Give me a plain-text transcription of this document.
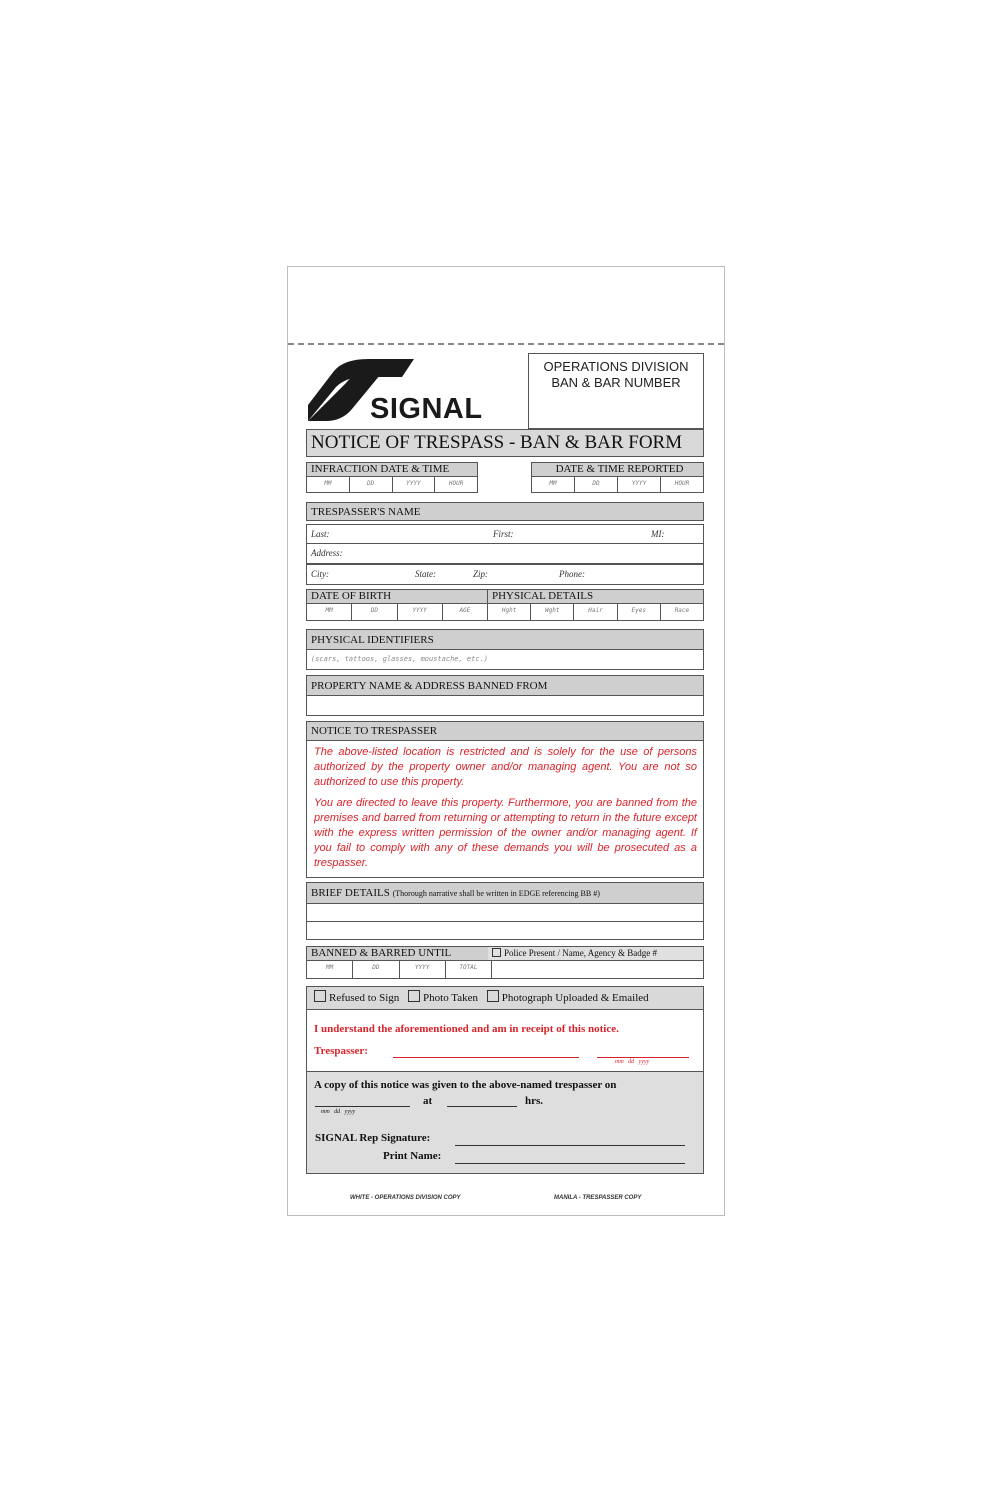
SIGNAL
OPERATIONS DIVISION
BAN & BAR NUMBER
NOTICE OF TRESPASS - BAN & BAR FORM
INFRACTION DATE & TIME
MM	DD	YYYY	HOUR
DATE & TIME REPORTED
MM	DD	YYYY	HOUR
TRESPASSER'S NAME
Last:	First:	MI:
Address:
City:	State:	Zip:	Phone:
DATE OF BIRTH
MM	DD	YYYY	AGE
PHYSICAL DETAILS
Hght	Wght	Hair	Eyes	Race
PHYSICAL IDENTIFIERS
(scars, tattoos, glasses, moustache, etc.)
PROPERTY NAME & ADDRESS BANNED FROM
NOTICE TO TRESPASSER
The above-listed location is restricted and is solely for the use of persons authorized by the property owner and/or managing agent. You are not so authorized to use this property.
You are directed to leave this property. Furthermore, you are banned from the premises and barred from returning or attempting to return in the future except with the express written permission of the owner and/or managing agent. If you fail to comply with any of these demands you will be prosecuted as a trespasser.
BRIEF DETAILS (Thorough narrative shall be written in EDGE referencing BB #)
BANNED & BARRED UNTIL
MM	DD	YYYY	TOTAL
Police Present / Name, Agency & Badge #
Refused to Sign Photo Taken Photograph Uploaded & Emailed
I understand the aforementioned and am in receipt of this notice.
Trespasser:
mm   dd   yyyy
A copy of this notice was given to the above-named trespasser on
mm   dd   yyyy
at	hrs.
SIGNAL Rep Signature:
Print Name:
WHITE - OPERATIONS DIVISION COPY	MANILA - TRESPASSER COPY
